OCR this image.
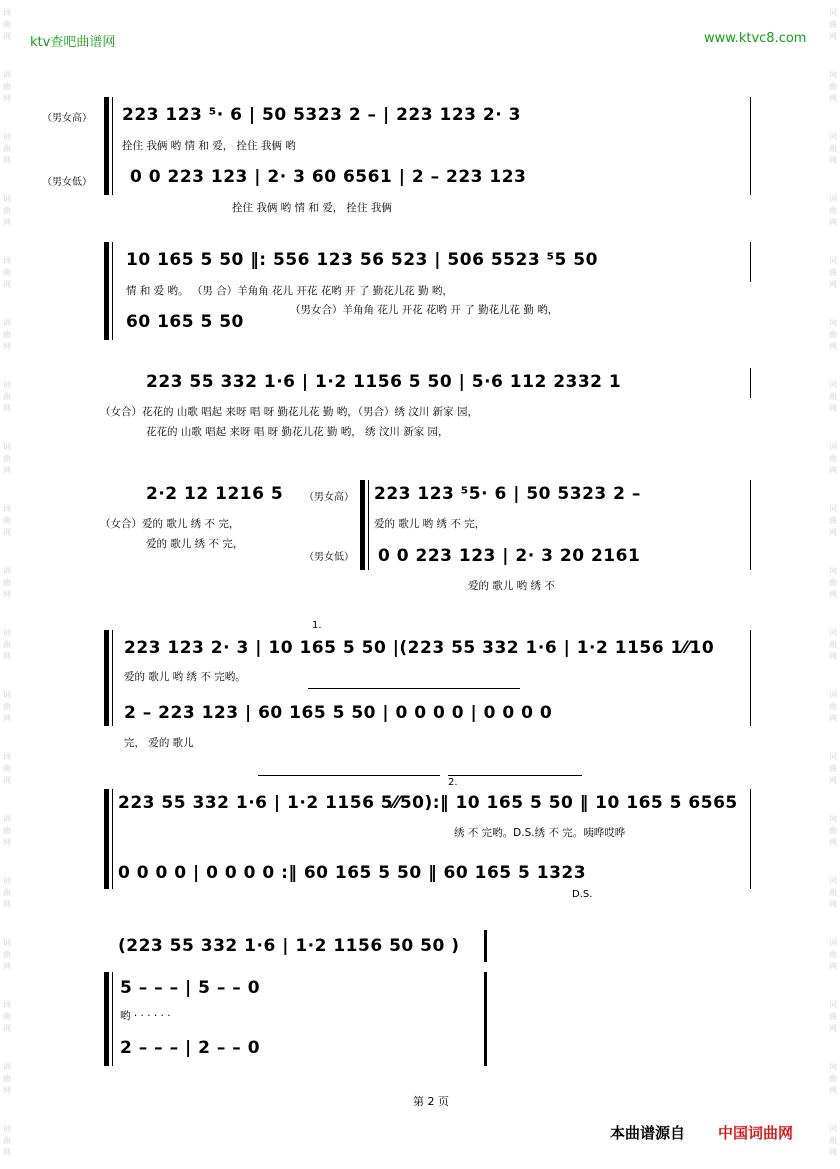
词
曲
网
词
曲
网
词
曲
网
词
曲
网
词
曲
网
词
曲
网
词
曲
网
词
曲
网
词
曲
网
词
曲
网
词
曲
网
词
曲
网
词
曲
网
词
曲
网
词
曲
网
词
曲
网
词
曲
网
词
曲
网
词
曲
网
词
曲
网
词
曲
网
词
曲
网
词
曲
网
词
曲
网
词
曲
网
词
曲
网
词
曲
网
词
曲
网
词
曲
网
词
曲
网
词
曲
网
词
曲
网
词
曲
网
词
曲
网
词
曲
网
词
曲
网
词
曲
网
词
曲
网
ktv查吧曲谱网	www.ktvc8.com
（男女高）
（男女低）
223 123 ⁵· 6 | 50 5323 2 – | 223 123 2· 3
拴住 我俩 哟 情 和 爱， 拴住 我俩 哟
0 0 223 123 | 2· 3 60 6561 | 2 – 223 123
拴住 我俩 哟 情 和 爱， 拴住 我俩
10 165 5 50 ‖: 556 123 56 523 | 506 5523 ⁵5 50
情 和 爱 哟。 （男 合）羊角角 花儿 开花 花哟 开 了 勤花儿花 勤 哟，
60 165 5 50
（男女合）羊角角 花儿 开花 花哟 开 了 勤花儿花 勤 哟，
223 55 332 1·6 | 1·2 1156 5 50 | 5·6 112 2332 1
（女合）花花的 山歌 唱起 来呀 唱 呀 勤花儿花 勤 哟，（男合）绣 汶川 新家 园，
花花的 山歌 唱起 来呀 唱 呀 勤花儿花 勤 哟， 绣 汶川 新家 园，
2·2 12 1216 5
（女合）爱的 歌儿 绣 不 完，
爱的 歌儿 绣 不 完，
（男女高）
（男女低）
223 123 ⁵5· 6 | 50 5323 2 –
爱的 歌儿 哟 绣 不 完，
0 0 223 123 | 2· 3 20 2161
爱的 歌儿 哟 绣 不
1.
223 123 2· 3 | 10 165 5 50 |(223 55 332 1·6 | 1·2 1156 1⁄⁄10
爱的 歌儿 哟 绣 不 完哟。
2 – 223 123 | 60 165 5 50 | 0 0 0 0 | 0 0 0 0
完， 爱的 歌儿
2.
223 55 332 1·6 | 1·2 1156 5⁄⁄50):‖ 10 165 5 50 ‖ 10 165 5 6565
绣 不 完哟。D.S.绣 不 完。咦哗哎哗
0 0 0 0 | 0 0 0 0 :‖ 60 165 5 50 ‖ 60 165 5 1323
D.S.
(223 55 332 1·6 | 1·2 1156 50 50 )
5 – – – | 5 – – 0
哟 · · · · · ·
2 – – – | 2 – – 0
第 2 页
本曲谱源自 中国词曲网
